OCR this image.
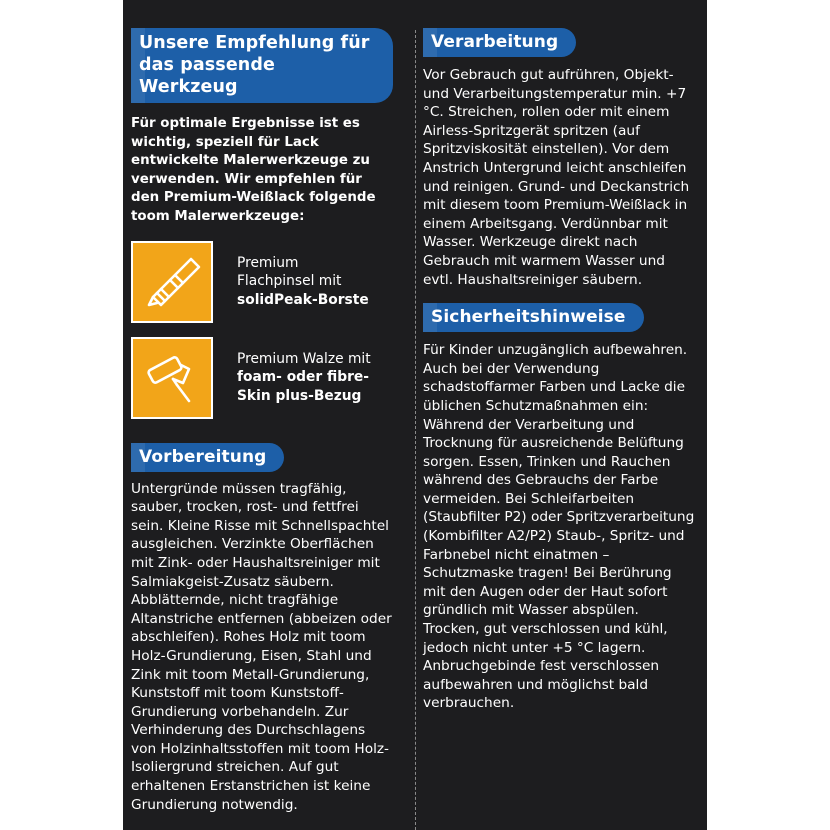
Unsere Empfehlung für
das passende Werkzeug

Für optimale Ergebnisse ist es wichtig, speziell für Lack entwickelte Malerwerkzeuge zu verwenden. Wir empfehlen für den Premium-Weißlack folgende toom Malerwerkzeuge:

Premium
Flachpinsel mit
solidPeak-Borste
Premium Walze mit
foam- oder fibre-
Skin plus-Bezug
Vorbereitung

Untergründe müssen tragfähig, sauber, trocken, rost- und fettfrei sein. Kleine Risse mit Schnellspachtel ausgleichen. Verzinkte Oberflächen mit Zink- oder Haushaltsreiniger mit Salmiakgeist-Zusatz säubern. Abblätternde, nicht tragfähige Altanstriche entfernen (abbeizen oder abschleifen). Rohes Holz mit toom Holz-Grundierung, Eisen, Stahl und Zink mit toom Metall-Grundierung, Kunststoff mit toom Kunststoff-Grundierung vorbehandeln. Zur Verhinderung des Durchschlagens von Holzinhaltsstoffen mit toom Holz-Isoliergrund streichen. Auf gut erhaltenen Erstanstrichen ist keine Grundierung notwendig.

Verarbeitung

Vor Gebrauch gut aufrühren, Objekt- und Verarbeitungstemperatur min. +7 °C. Streichen, rollen oder mit einem Airless-Spritzgerät spritzen (auf Spritzviskosität einstellen). Vor dem Anstrich Untergrund leicht anschleifen und reinigen. Grund- und Deckanstrich mit diesem toom Premium-Weißlack in einem Arbeitsgang. Verdünnbar mit Wasser. Werkzeuge direkt nach Gebrauch mit warmem Wasser und evtl. Haushaltsreiniger säubern.

Sicherheitshinweise

Für Kinder unzugänglich aufbewahren. Auch bei der Verwendung schadstoffarmer Farben und Lacke die üblichen Schutzmaßnahmen ein: Während der Verarbeitung und Trocknung für ausreichende Belüftung sorgen. Essen, Trinken und Rauchen während des Gebrauchs der Farbe vermeiden. Bei Schleifarbeiten (Staubfilter P2) oder Spritzverarbeitung (Kombifilter A2/P2) Staub-, Spritz- und Farbnebel nicht einatmen – Schutzmaske tragen! Bei Berührung mit den Augen oder der Haut sofort gründlich mit Wasser abspülen. Trocken, gut verschlossen und kühl, jedoch nicht unter +5 °C lagern. Anbruchgebinde fest verschlossen aufbewahren und möglichst bald verbrauchen.
